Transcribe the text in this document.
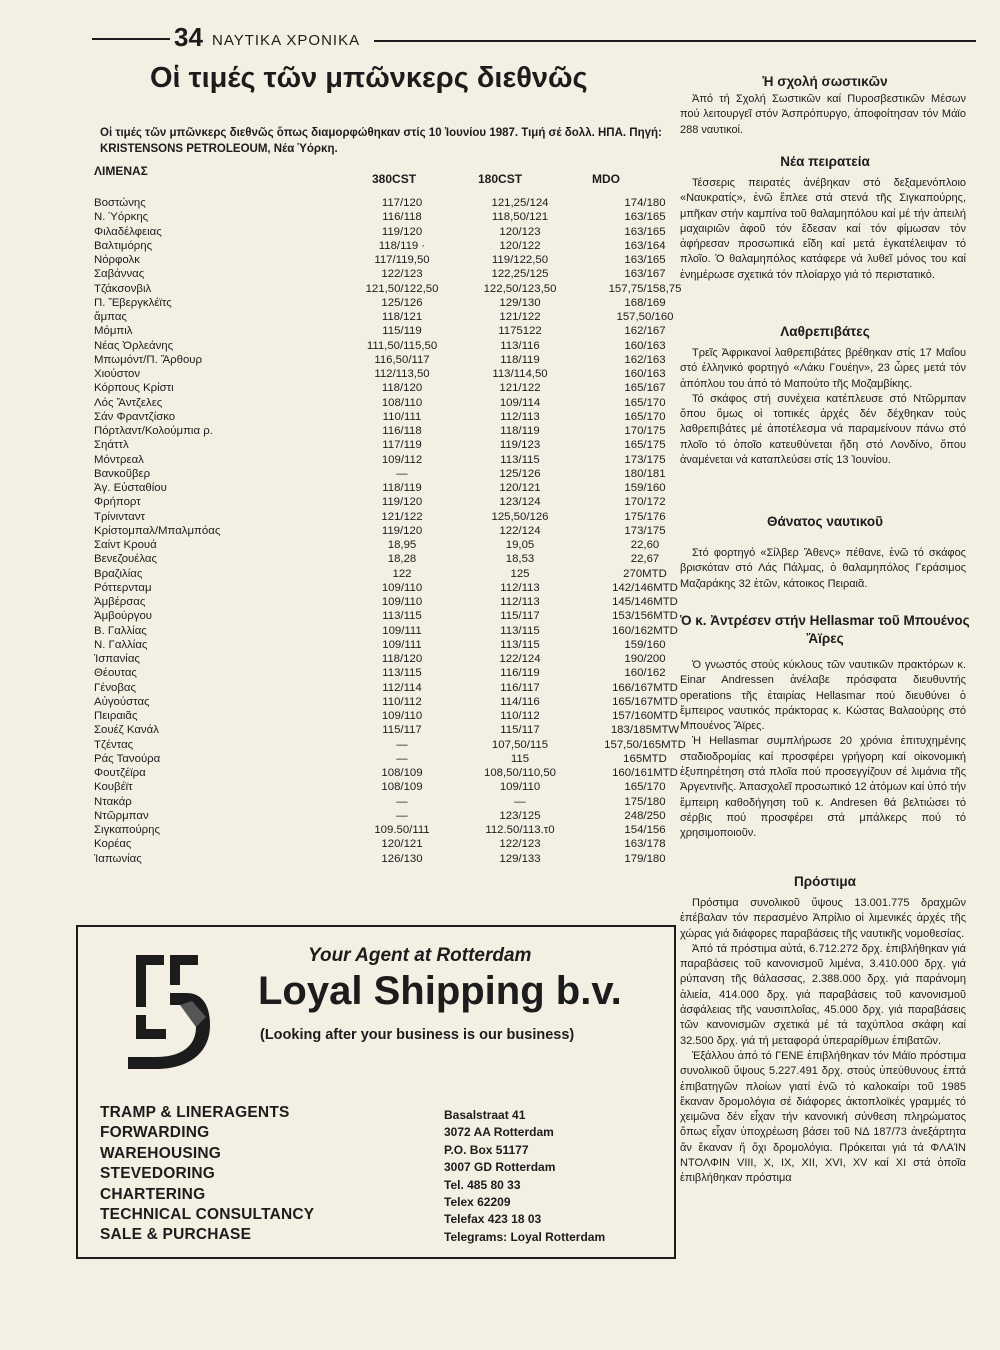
34 ΝΑΥΤΙΚΑ ΧΡΟΝΙΚΑ
Οἱ τιμές τῶν μπῶνκερς διεθνῶς
Οἱ τιμές τῶν μπῶνκερς διεθνῶς ὅπως διαμορφώθηκαν στίς 10 Ἰουνίου 1987. Τιμή σέ δολλ. ΗΠΑ. Πηγή: KRISTENSONS PETROLEOUM, Νέα Ὑόρκη.
ΛΙΜΕΝΑΣ
380CST	180CST	MDO
Βοστώνης	117/120	121,25/124	174/180
Ν. Ὑόρκης	116/118	118,50/121	163/165
Φιλαδέλφειας	119/120	120/123	163/165
Βαλτιμόρης	118/119 ·	120/122	163/164
Νόρφολκ	117/119,50	119/122,50	163/165
Σαβάννας	122/123	122,25/125	163/167
Τζάκσονβιλ	121,50/122,50	122,50/123,50	157,75/158,75
Π. Ἔβεργκλέϊτς	125/126	129/130	168/169
ἄμπας	118/121	121/122	157,50/160
Μόμπιλ	115/119	1175122	162/167
Νέας Ὀρλεάνης	111,50/115,50	113/116	160/163
Μπωμόντ/Π. Ἄρθουρ	116,50/117	118/119	162/163
Χιούστον	112/113,50	113/114,50	160/163
Κόρπους Κρίστι	118/120	121/122	165/167
Λός Ἄντζελες	108/110	109/114	165/170
Σάν Φραντζίσκο	110/111	112/113	165/170
Πόρτλαντ/Κολούμπια ρ.	116/118	118/119	170/175
Σηάττλ	117/119	119/123	165/175
Μόντρεαλ	109/112	113/115	173/175
Βανκοῦβερ	—	125/126	180/181
Ἁγ. Εὐσταθίου	118/119	120/121	159/160
Φρήπορτ	119/120	123/124	170/172
Τρίνινταντ	121/122	125,50/126	175/176
Κρίστομπαλ/Μπαλμπόας	119/120	122/124	173/175
Σαίντ Κρουά	18,95	19,05	22,60
Βενεζουέλας	18,28	18,53	22,67
Βραζιλίας	122	125	270MTD
Ρόττερνταμ	109/110	112/113	142/146MTD
Ἀμβέρσας	109/110	112/113	145/146MTD
Ἀμβούργου	113/115	115/117	153/156MTD
Β. Γαλλίας	109/111	113/115	160/162MTD
Ν. Γαλλίας	109/111	113/115	159/160
Ἱσπανίας	118/120	122/124	190/200
Θέουτας	113/115	116/119	160/162
Γένοβας	112/114	116/117	166/167MTD
Αὐγούστας	110/112	114/116	165/167MTD
Πειραιᾶς	109/110	110/112	157/160MTD
Σουέζ Κανάλ	115/117	115/117	183/185MTW
Τζέντας	—	107,50/115	157,50/165MTD
Ράς Τανούρα	—	115	165MTD
Φουτζέϊρα	108/109	108,50/110,50	160/161MTD
Κουβέϊτ	108/109	109/110	165/170
Ντακάρ	—	—	175/180
Ντῶρμπαν	—	123/125	248/250
Σιγκαπούρης	109.50/111	112.50/113.τ0	154/156
Κορέας	120/121	122/123	163/178
Ἰαπωνίας	126/130	129/133	179/180
Your Agent at Rotterdam
Loyal Shipping b.v.
(Looking after your business is our business)
TRAMP & LINERAGENTS
FORWARDING
WAREHOUSING
STEVEDORING
CHARTERING
TECHNICAL CONSULTANCY
SALE & PURCHASE
Basalstraat 41
3072 AA Rotterdam
P.O. Box 51177
3007 GD Rotterdam
Tel. 485 80 33
Telex 62209
Telefax 423 18 03
Telegrams: Loyal Rotterdam
Ἡ σχολή σωστικῶν

Ἀπό τή Σχολή Σωστικῶν καί Πυροσβεστικῶν Μέσων πού λειτουργεῖ στόν Ἀσπρόπυργο, ἀποφοίτησαν τόν Μάϊο 288 ναυτικοί.

Νέα πειρατεία

Τέσσερις πειρατές ἀνέβηκαν στό δεξαμενόπλοιο «Ναυκρατίς», ἐνῶ ἔπλεε στά στενά τῆς Σιγκαπούρης, μπῆκαν στήν καμπίνα τοῦ θαλαμηπόλου καί μέ τήν ἀπειλή μαχαιριῶν ἀφοῦ τόν ἔδεσαν καί τόν φίμωσαν τόν ἀφήρεσαν προσωπικά εἴδη καί μετά ἐγκατέλειψαν τό πλοῖο. Ὁ θαλαμηπόλος κατάφερε νά λυθεῖ μόνος του καί ἐνημέρωσε σχετικά τόν πλοίαρχο γιά τό περιστατικό.

Λαθρεπιβάτες

Τρεῖς Ἀφρικανοί λαθρεπιβάτες βρέθηκαν στίς 17 Μαΐου στό ἑλληνικό φορτηγό «Λάκυ Γουέην», 23 ὧρες μετά τόν ἀπόπλου του ἀπό τό Μαπούτο τῆς Μοζαμβίκης.

Τό σκάφος στή συνέχεια κατέπλευσε στό Ντῶρμπαν ὅπου ὅμως οἱ τοπικές ἀρχές δέν δέχθηκαν τούς λαθρεπιβάτες μέ ἀποτέλεσμα νά παραμείνουν πάνω στό πλοῖο τό ὁποῖο κατευθύνεται ἤδη στό Λονδίνο, ὅπου ἀναμένεται νά καταπλεύσει στίς 13 Ἰουνίου.

Θάνατος ναυτικοῦ

Στό φορτηγό «Σίλβερ Ἄθενς» πέθανε, ἐνῶ τό σκάφος βρισκόταν στό Λάς Πάλμας, ὁ θαλαμηπόλος Γεράσιμος Μαζαράκης 32 ἐτῶν, κάτοικος Πειραιᾶ.

Ὁ κ. Ἀντρέσεν στήν Hellasmar τοῦ Μπουένος Ἄϊρες

Ὁ γνωστός στούς κύκλους τῶν ναυτικῶν πρακτόρων κ. Einar Andressen ἀνέλαβε πρόσφατα διευθυντής operations τῆς ἑταιρίας Hellasmar πού διευθύνει ὁ ἔμπειρος ναυτικός πράκτορας κ. Κώστας Βαλαούρης στό Μπουένος Ἄϊρες.

Ἡ Hellasmar συμπλήρωσε 20 χρόνια ἐπιτυχημένης σταδιοδρομίας καί προσφέρει γρήγορη καί οἰκονομική ἐξυπηρέτηση στά πλοῖα πού προσεγγίζουν σέ λιμάνια τῆς Ἀργεντινῆς. Ἀπασχολεῖ προσωπικό 12 ἀτόμων καί ὑπό τήν ἔμπειρη καθοδήγηση τοῦ κ. Andresen θά βελτιώσει τό σέρβις πού προσφέρει στά μπάλκερς πού τό χρησιμοποιοῦν.

Πρόστιμα

Πρόστιμα συνολικοῦ ὕψους 13.001.775 δραχμῶν ἐπέβαλαν τόν περασμένο Ἀπρίλιο οἱ λιμενικές ἀρχές τῆς χώρας γιά διάφορες παραβάσεις τῆς ναυτικῆς νομοθεσίας.

Ἀπό τά πρόστιμα αὐτά, 6.712.272 δρχ. ἐπιβλήθηκαν γιά παραβάσεις τοῦ κανονισμοῦ λιμένα, 3.410.000 δρχ. γιά ρύπανση τῆς θάλασσας, 2.388.000 δρχ. γιά παράνομη ἁλιεία, 414.000 δρχ. γιά παραβάσεις τοῦ κανονισμοῦ ἀσφάλειας τῆς ναυσιπλοΐας, 45.000 δρχ. γιά παραβάσεις τῶν κανονισμῶν σχετικά μέ τά ταχύπλοα σκάφη καί 32.500 δρχ. γιά τή μεταφορά ὑπεραρίθμων ἐπιβατῶν.

Ἐξάλλου ἀπό τό ΓΕΝΕ ἐπιβλήθηκαν τόν Μάϊο πρόστιμα συνολικοῦ ὕψους 5.227.491 δρχ. στούς ὑπεύθυνους ἑπτά ἐπιβατηγῶν πλοίων γιατί ἐνῶ τό καλοκαίρι τοῦ 1985 ἔκαναν δρομολόγια σέ διάφορες ἀκτοπλοϊκές γραμμές τό χειμῶνα δέν εἶχαν τήν κανονική σύνθεση πληρώματος ὅπως εἶχαν ὑποχρέωση βάσει τοῦ ΝΔ 187/73 ἀνεξάρτητα ἄν ἔκαναν ἤ ὄχι δρομολόγια. Πρόκειται γιά τά ΦΛΑΊΝ ΝΤΟΛΦΙΝ VIII, X, IX, XII, XVI, XV καί XI στά ὁποῖα ἐπιβλήθηκαν πρόστιμα
